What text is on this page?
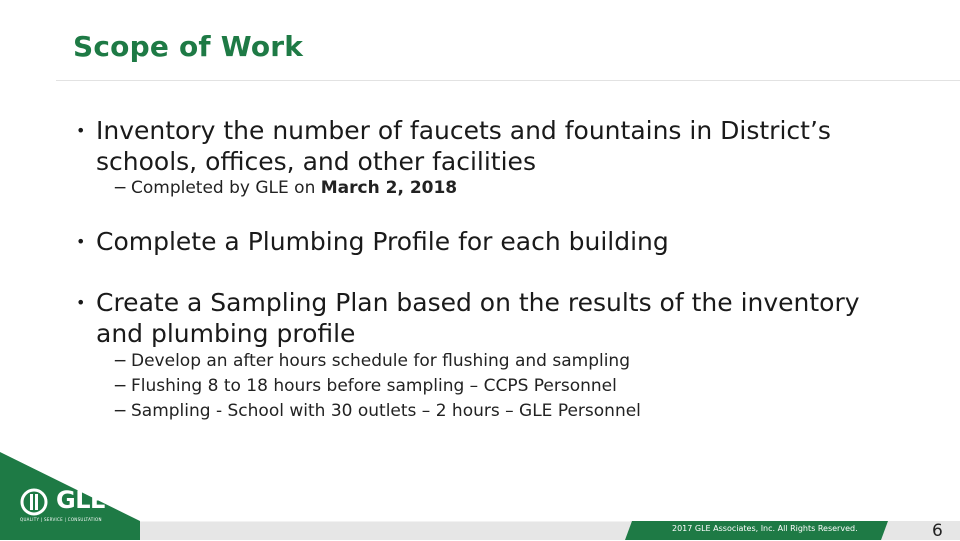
Scope of Work
• Inventory the number of faucets and fountains in District’s schools, offices, and other facilities
− Completed by GLE on March 2, 2018
• Complete a Plumbing Profile for each building
• Create a Sampling Plan based on the results of the inventory and plumbing profile
− Develop an after hours schedule for flushing and sampling
− Flushing 8 to 18 hours before sampling – CCPS Personnel
− Sampling - School with 30 outlets – 2 hours – GLE Personnel
GLE
QUALITY | SERVICE | CONSULTATION
2017 GLE Associates, Inc. All Rights Reserved.	6
